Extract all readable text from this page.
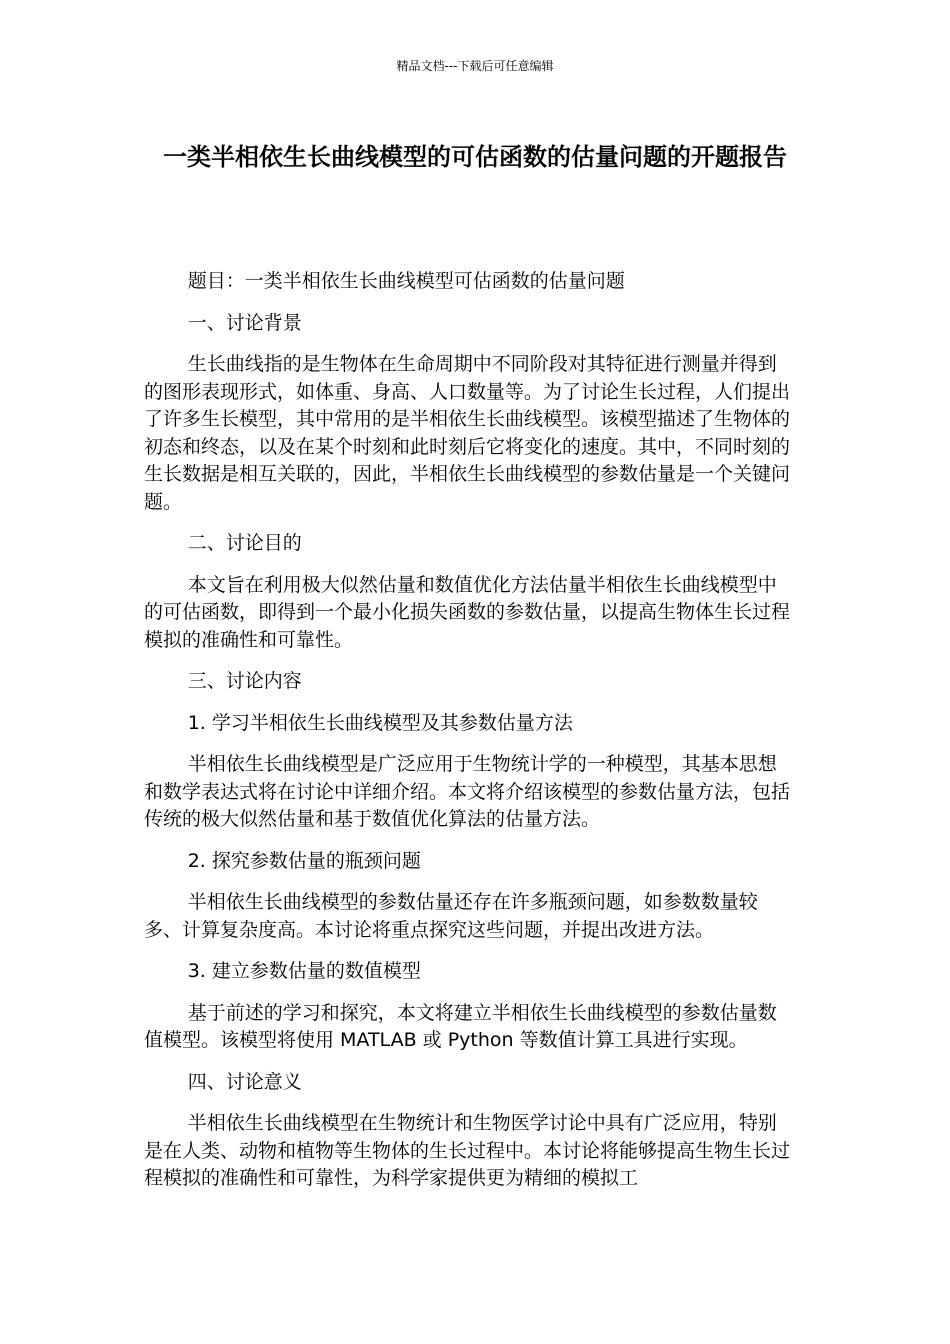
精品文档---下载后可任意编辑
一类半相依生长曲线模型的可估函数的估量问题的开题报告

题目：一类半相依生长曲线模型可估函数的估量问题

一、讨论背景

生长曲线指的是生物体在生命周期中不同阶段对其特征进行测量并得到的图形表现形式，如体重、身高、人口数量等。为了讨论生长过程，人们提出了许多生长模型，其中常用的是半相依生长曲线模型。该模型描述了生物体的初态和终态，以及在某个时刻和此时刻后它将变化的速度。其中，不同时刻的生长数据是相互关联的，因此，半相依生长曲线模型的参数估量是一个关键问题。

二、讨论目的

本文旨在利用极大似然估量和数值优化方法估量半相依生长曲线模型中的可估函数，即得到一个最小化损失函数的参数估量，以提高生物体生长过程模拟的准确性和可靠性。

三、讨论内容

1. 学习半相依生长曲线模型及其参数估量方法

半相依生长曲线模型是广泛应用于生物统计学的一种模型，其基本思想和数学表达式将在讨论中详细介绍。本文将介绍该模型的参数估量方法，包括传统的极大似然估量和基于数值优化算法的估量方法。

2. 探究参数估量的瓶颈问题

半相依生长曲线模型的参数估量还存在许多瓶颈问题，如参数数量较多、计算复杂度高。本讨论将重点探究这些问题，并提出改进方法。

3. 建立参数估量的数值模型

基于前述的学习和探究，本文将建立半相依生长曲线模型的参数估量数值模型。该模型将使用 MATLAB 或 Python 等数值计算工具进行实现。

四、讨论意义

半相依生长曲线模型在生物统计和生物医学讨论中具有广泛应用，特别是在人类、动物和植物等生物体的生长过程中。本讨论将能够提高生物生长过程模拟的准确性和可靠性，为科学家提供更为精细的模拟工
